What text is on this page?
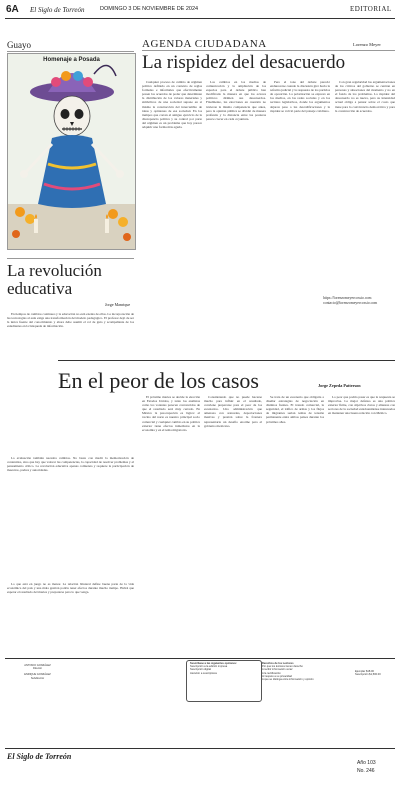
6A El Siglo de Torreón	DOMINGO 3 DE NOVIEMBRE DE 2024	EDITORIAL
Guayo
Homenaje a Posada
AGENDA CIUDADANA	Lorenzo Meyer
La rispidez del desacuerdo

Cualquier proceso de cambio de régimen político definido en un contexto de reglas formales e informales que efectivamente ponen los acuerdos de poder que determinan la distribución de los valores materiales y simbólicos de una sociedad supone en sí mismo la construcción del intercambio de ideas y opiniones de esa sociedad. En los tiempos que corren el antiguo ejercicio de la discrepancia política y su control por parte del régimen es un problema que hoy parece adquirir una forma más aguda.

Los cambios en los medios de comunicación y la ampliación de los espacios para el debate público han modificado la manera en que los actores políticos dirimen sus desacuerdos. Finalmente, las elecciones en cuestión no tuvieron la misma competencia que antes, pero la opinión pública se dividió de manera profunda y la distancia entre las posturas parece crecer en cada coyuntura.

Pero el tono del debate pareció endurecerse cuando la discusión giró hacia la reforma judicial y la respuesta de los partidos de oposición. La polarización se expresó en los medios, en las redes sociales y en los recintos legislativos, donde los argumentos dejaron paso a las descalificaciones y la rispidez se volvió parte del paisaje cotidiano.

Con gran regularidad las argumentaciones de los críticos del gobierno se centran en personas y situaciones del momento y no en el fondo de los problemas. La rispidez del desacuerdo no es nueva, pero su intensidad actual obliga a pensar sobre el costo que tiene para la convivencia democrática y para la construcción de acuerdos.

https://lorenzomeyercossio.com
contacto@lorenzomeyercossio.com
La revolución educativa
Jorge Manrique

En tiempos de cambios continuos y la educación no está exenta de ellos. La incorporación de las tecnologías al aula exige una transformación del modelo pedagógico. El profesor dejó de ser la única fuente del conocimiento y ahora debe asumir el rol de guía y acompañante de los estudiantes en la búsqueda de información.

La evaluación también necesita cambios. No basta con medir la memorización de contenidos, sino que hay que valorar las competencias, la capacidad de resolver problemas y el pensamiento crítico. La revolución educativa apenas comienza y requiere la participación de maestros, padres y autoridades.

En el peor de los casos	Jorge Zepeda Patterson

El próximo martes se decide la elección en Estados Unidos, y tanto los analistas como los votantes parecen convencidos de que el resultado será muy cerrado. En México la preocupación es lógica: el vecino del norte es nuestro principal socio comercial y cualquier cambio en su política exterior tiene efectos inmediatos en la economía y en el tema migratorio.

Considerando que no puede hacerse mucho para influir en el resultado, conviene prepararse para el peor de los escenarios. Una administración que amenaza con aranceles, deportaciones masivas y presión sobre la frontera representaría un desafío enorme para el gobierno mexicano.

Se trata de un escenario que obligaría a diseñar estrategias de negociación en distintos frentes. El tratado comercial, la seguridad, el tráfico de armas y los flujos de migrantes serían temas de tensión permanente entre ambos países durante los próximos años.

Lo peor que podría pasar es que la respuesta se improvise. La mejor defensa es una política exterior firme, con objetivos claros y alianzas con sectores de la sociedad estadounidense interesados en mantener una buena relación con México.

Lo que está en juego no es menor. La relación bilateral define buena parte de la vida económica del país y una mala gestión podría tener efectos durante mucho tiempo. Habrá que esperar el resultado del martes y prepararse para lo que venga.

ANTONIO GONZÁLEZ
Director
ENRIQUE GONZÁLEZ
Subdirector
Suscríbase a las siguientes opciones:
Suscripción a la edición impresa
Suscripción digital
Atención a suscriptores
Derechos de los Lectores
Por que los lectores tienen derecho
A recibir información veraz
A la rectificación
Al respeto a su privacidad
A que se distinga entre información y opinión
Ejemplar $18.00
Suscripción $1,500.00
El Siglo de Torreón
Año 103
No. 246
